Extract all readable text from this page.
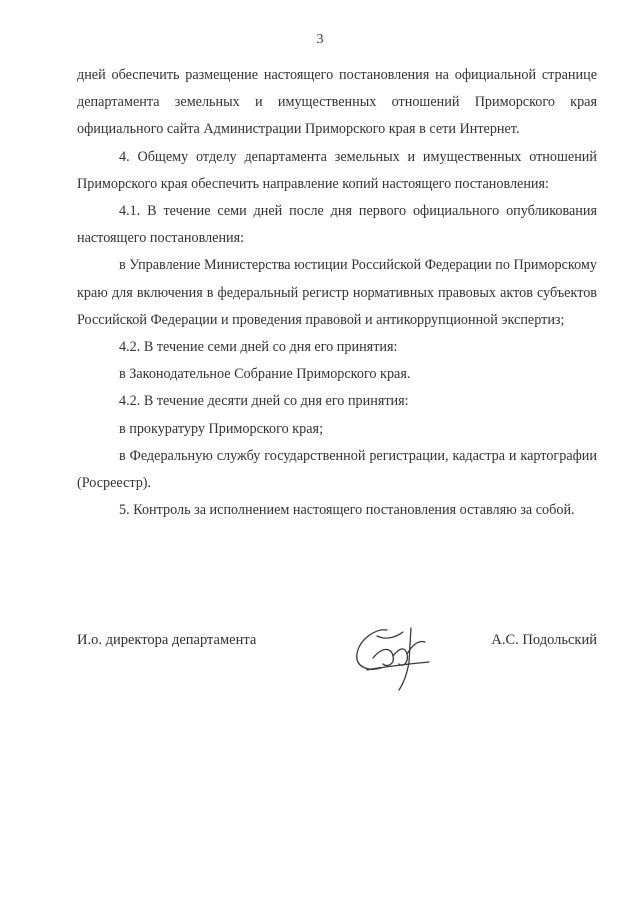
3

дней обеспечить размещение настоящего постановления на официальной странице департамента земельных и имущественных отношений Приморского края официального сайта Администрации Приморского края в сети Интернет.

4. Общему отделу департамента земельных и имущественных отношений Приморского края обеспечить направление копий настоящего постановления:

4.1. В течение семи дней после дня первого официального опубликования настоящего постановления:

в Управление Министерства юстиции Российской Федерации по Приморскому краю для включения в федеральный регистр нормативных правовых актов субъектов Российской Федерации и проведения правовой и антикоррупционной экспертиз;

4.2. В течение семи дней со дня его принятия:

в Законодательное Собрание Приморского края.

4.2. В течение десяти дней со дня его принятия:

в прокуратуру Приморского края;

в Федеральную службу государственной регистрации, кадастра и картографии (Росреестр).

5. Контроль за исполнением настоящего постановления оставляю за собой.

И.о. директора департамента	А.С. Подольский
